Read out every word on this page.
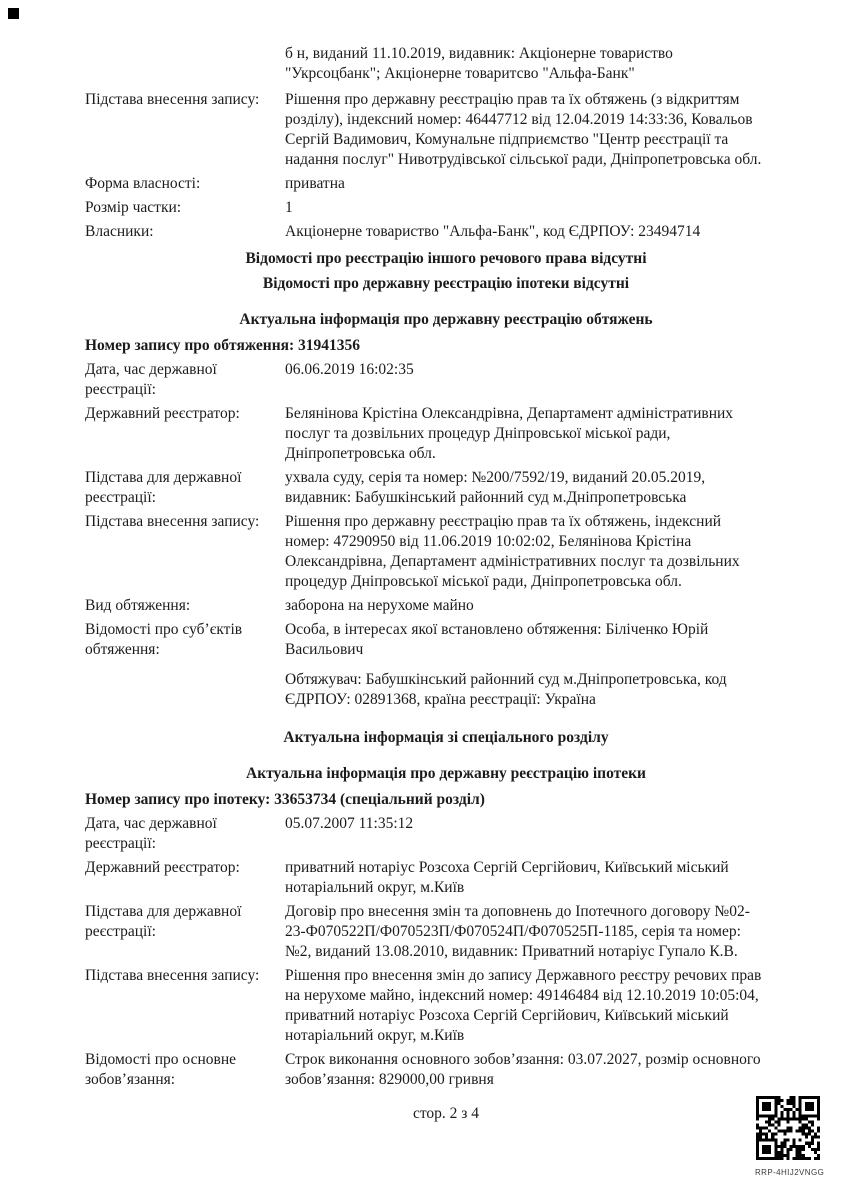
б н, виданий 11.10.2019, видавник: Акціонерне товариство "Укрсоцбанк"; Акціонерне товаритсво "Альфа-Банк"
Підстава внесення запису:	Рішення про державну реєстрацію прав та їх обтяжень (з відкриттям розділу), індексний номер: 46447712 від 12.04.2019 14:33:36, Ковальов Сергій Вадимович, Комунальне підприємство "Центр реєстрації та надання послуг" Нивотрудівської сільської ради, Дніпропетровська обл.
Форма власності:	приватна
Розмір частки:	1
Власники:	Акціонерне товариство "Альфа-Банк", код ЄДРПОУ: 23494714
Відомості про реєстрацію іншого речового права відсутні
Відомості про державну реєстрацію іпотеки відсутні
Актуальна інформація про державну реєстрацію обтяжень
Номер запису про обтяження: 31941356
Дата, час державної реєстрації:
06.06.2019 16:02:35
Державний реєстратор:	Белянінова Крістіна Олександрівна, Департамент адміністративних послуг та дозвільних процедур Дніпровської міської ради, Дніпропетровська обл.
Підстава для державної реєстрації:
ухвала суду, серія та номер: №200/7592/19, виданий 20.05.2019, видавник: Бабушкінський районний суд м.Дніпропетровська
Підстава внесення запису:	Рішення про державну реєстрацію прав та їх обтяжень, індексний номер: 47290950 від 11.06.2019 10:02:02, Белянінова Крістіна Олександрівна, Департамент адміністративних послуг та дозвільних процедур Дніпровської міської ради, Дніпропетровська обл.
Вид обтяження:	заборона на нерухоме майно
Відомості про суб’єктів обтяження:

Особа, в інтересах якої встановлено обтяження: Біліченко Юрій Васильович

Обтяжувач: Бабушкінський районний суд м.Дніпропетровська, код ЄДРПОУ: 02891368, країна реєстрації: Україна

Актуальна інформація зі спеціального розділу
Актуальна інформація про державну реєстрацію іпотеки
Номер запису про іпотеку: 33653734 (спеціальний розділ)
Дата, час державної реєстрації:
05.07.2007 11:35:12
Державний реєстратор:	приватний нотаріус Розсоха Сергій Сергійович, Київський міський нотаріальний округ, м.Київ
Підстава для державної реєстрації:
Договір про внесення змін та доповнень до Іпотечного договору №02-23-Ф070522П/Ф070523П/Ф070524П/Ф070525П-1185, серія та номер: №2, виданий 13.08.2010, видавник: Приватний нотаріус Гупало К.В.
Підстава внесення запису:	Рішення про внесення змін до запису Державного реєстру речових прав на нерухоме майно, індексний номер: 49146484 від 12.10.2019 10:05:04, приватний нотаріус Розсоха Сергій Сергійович, Київський міський нотаріальний округ, м.Київ
Відомості про основне зобов’язання:
Строк виконання основного зобов’язання: 03.07.2027, розмір основного зобов’язання: 829000,00 гривня
стор. 2 з 4
RRP-4HIJ2VNGG
